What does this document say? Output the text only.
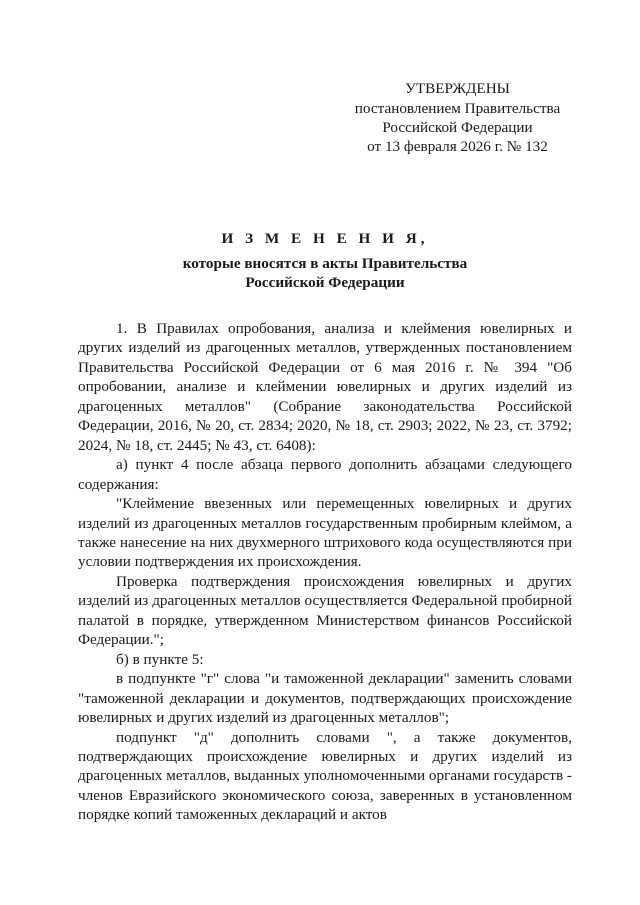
УТВЕРЖДЕНЫ
постановлением Правительства
Российской Федерации
от 13 февраля 2026 г. № 132
И З М Е Н Е Н И Я,
которые вносятся в акты Правительства
Российской Федерации

1. В Правилах опробования, анализа и клеймения ювелирных и других изделий из драгоценных металлов, утвержденных постановлением Правительства Российской Федерации от 6 мая 2016 г. № 394 "Об опробовании, анализе и клеймении ювелирных и других изделий из драгоценных металлов" (Собрание законодательства Российской Федерации, 2016, № 20, ст. 2834; 2020, № 18, ст. 2903; 2022, № 23, ст. 3792; 2024, № 18, ст. 2445; № 43, ст. 6408):

а) пункт 4 после абзаца первого дополнить абзацами следующего содержания:

"Клеймение ввезенных или перемещенных ювелирных и других изделий из драгоценных металлов государственным пробирным клеймом, а также нанесение на них двухмерного штрихового кода осуществляются при условии подтверждения их происхождения.

Проверка подтверждения происхождения ювелирных и других изделий из драгоценных металлов осуществляется Федеральной пробирной палатой в порядке, утвержденном Министерством финансов Российской Федерации.";

б) в пункте 5:

в подпункте "г" слова "и таможенной декларации" заменить словами "таможенной декларации и документов, подтверждающих происхождение ювелирных и других изделий из драгоценных металлов";

подпункт "д" дополнить словами ", а также документов, подтверждающих происхождение ювелирных и других изделий из драгоценных металлов, выданных уполномоченными органами государств - членов Евразийского экономического союза, заверенных в установленном порядке копий таможенных деклараций и актов
